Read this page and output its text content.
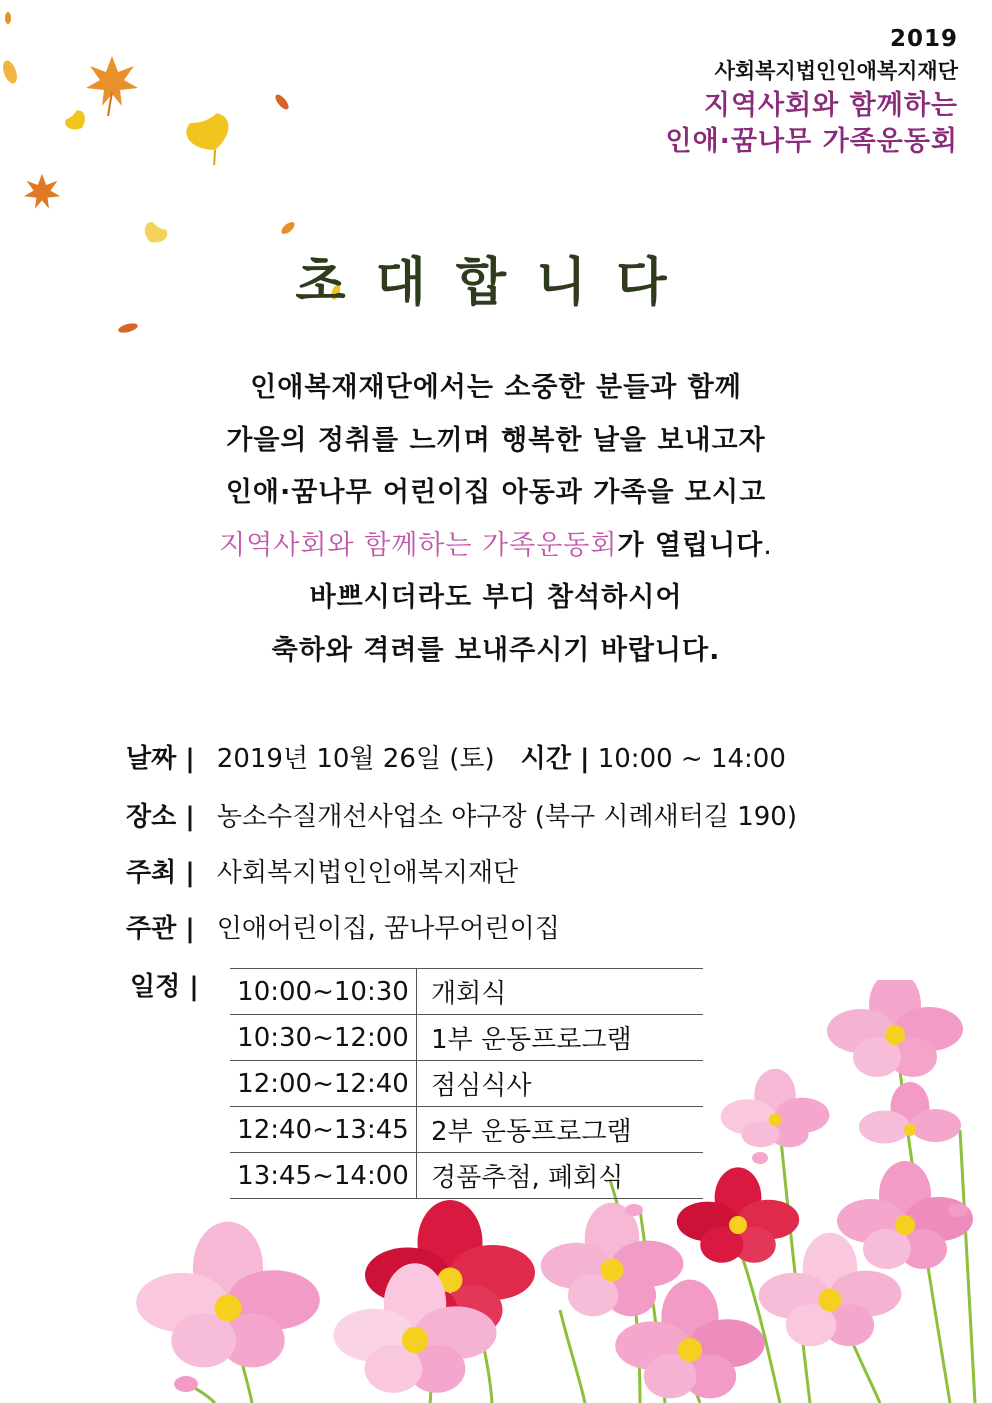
2019
사회복지법인인애복지재단
지역사회와 함께하는
인애·꿈나무 가족운동회
초대합니다
인애복재재단에서는 소중한 분들과 함께
가을의 정취를 느끼며 행복한 날을 보내고자
인애·꿈나무 어린이집 아동과 가족을 모시고
지역사회와 함께하는 가족운동회가 열립니다.
바쁘시더라도 부디 참석하시어
축하와 격려를 보내주시기 바랍니다.
날짜 | 2019년 10월 26일 (토) 시간 | 10:00 ~ 14:00
장소 | 농소수질개선사업소 야구장 (북구 시례새터길 190)
주최 | 사회복지법인인애복지재단
주관 | 인애어린이집, 꿈나무어린이집
일정 | 10:00~10:30	개회식
10:30~12:00	1부 운동프로그램
12:00~12:40	점심식사
12:40~13:45	2부 운동프로그램
13:45~14:00	경품추첨, 폐회식
